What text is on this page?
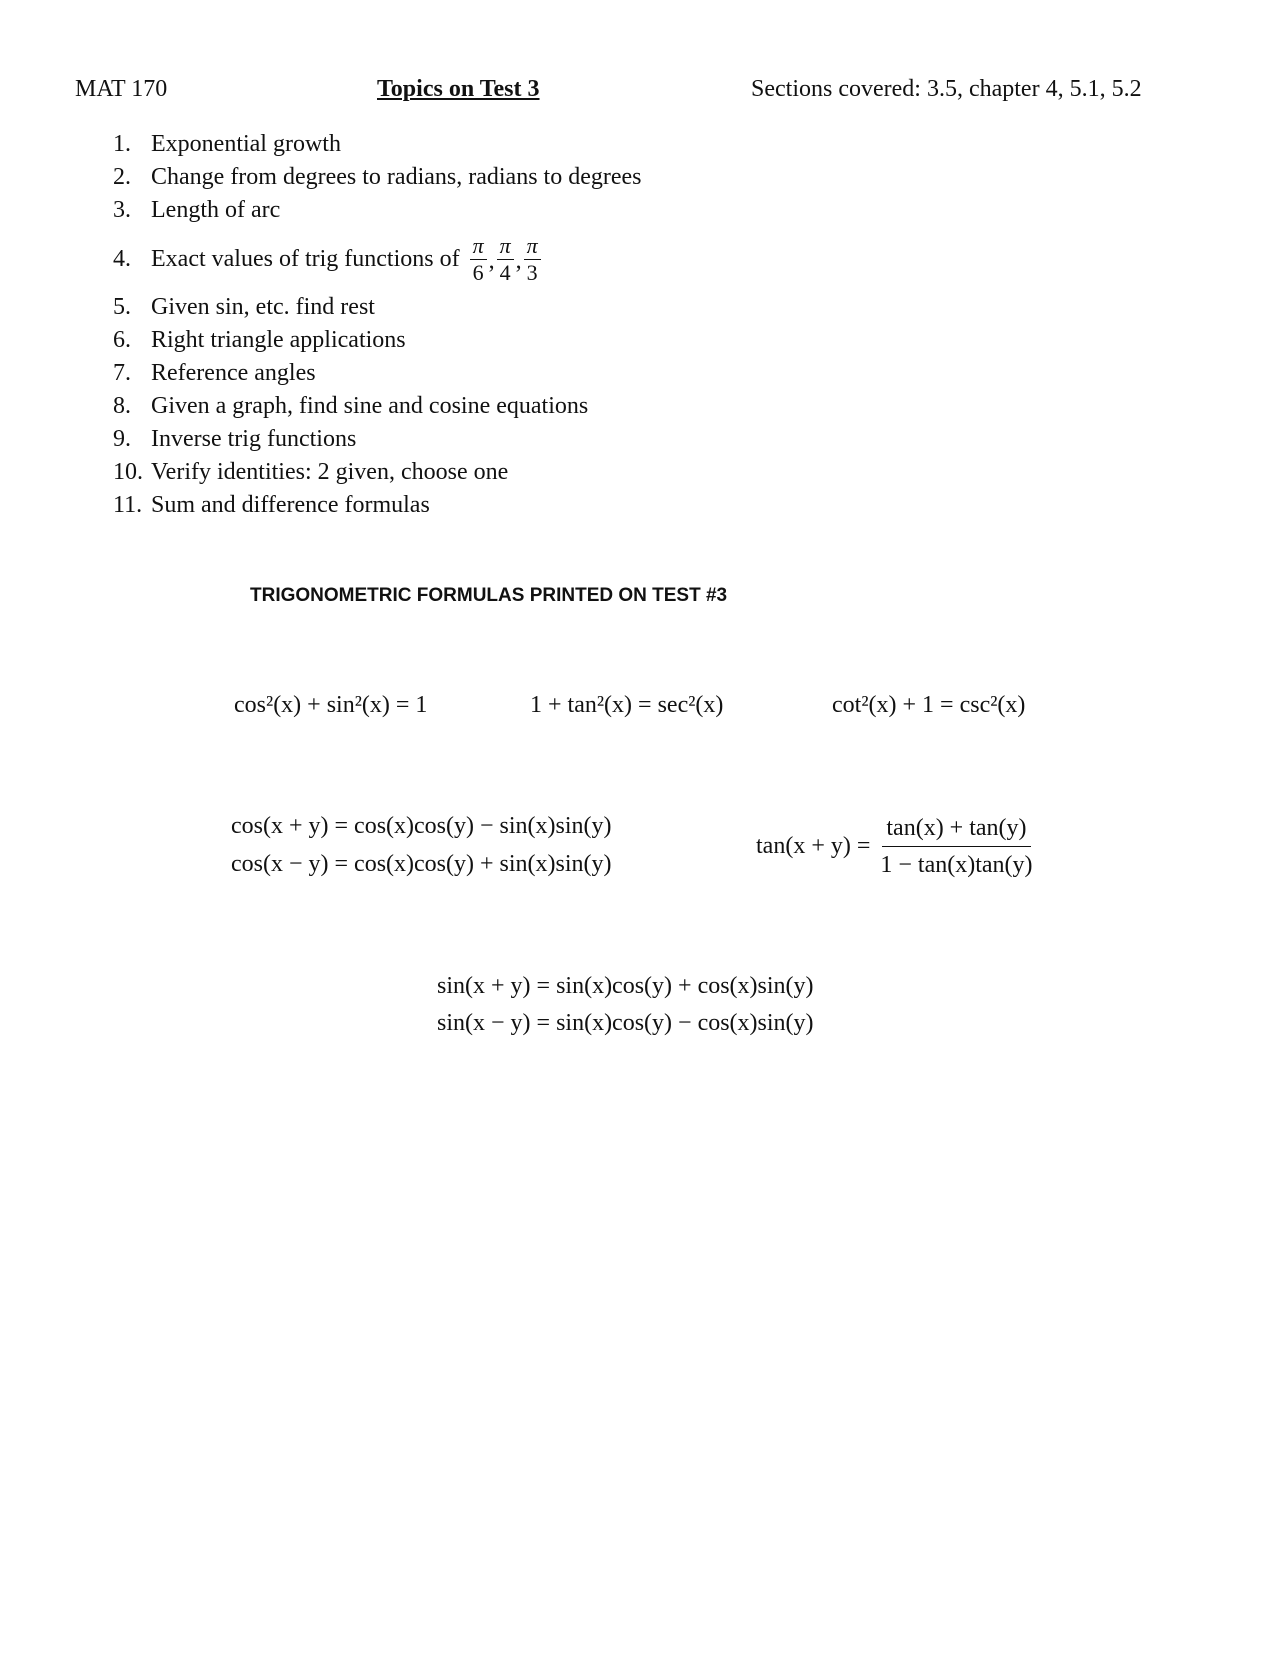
MAT 170	Topics on Test 3	Sections covered: 3.5, chapter 4, 5.1, 5.2
1. Exponential growth
2. Change from degrees to radians, radians to degrees
3. Length of arc
4. Exact values of trig functions of $\frac{\pi}{6}$ , $\frac{\pi}{4}$ , $\frac{\pi}{3}$
5. Given sin, etc. find rest
6. Right triangle applications
7. Reference angles
8. Given a graph, find sine and cosine equations
9. Inverse trig functions
10. Verify identities: 2 given, choose one
11. Sum and difference formulas
TRIGONOMETRIC FORMULAS PRINTED ON TEST #3
cos²(x) + sin²(x) = 1	1 + tan²(x) = sec²(x)	cot²(x) + 1 = csc²(x)
cos(x + y) = cos(x)cos(y) − sin(x)sin(y)
cos(x − y) = cos(x)cos(y) + sin(x)sin(y)
$\tan(x + y) = \frac{\tan(x) + \tan(y)}{1 - \tan(x)\tan(y)}$
sin(x + y) = sin(x)cos(y) + cos(x)sin(y)
sin(x − y) = sin(x)cos(y) − cos(x)sin(y)
